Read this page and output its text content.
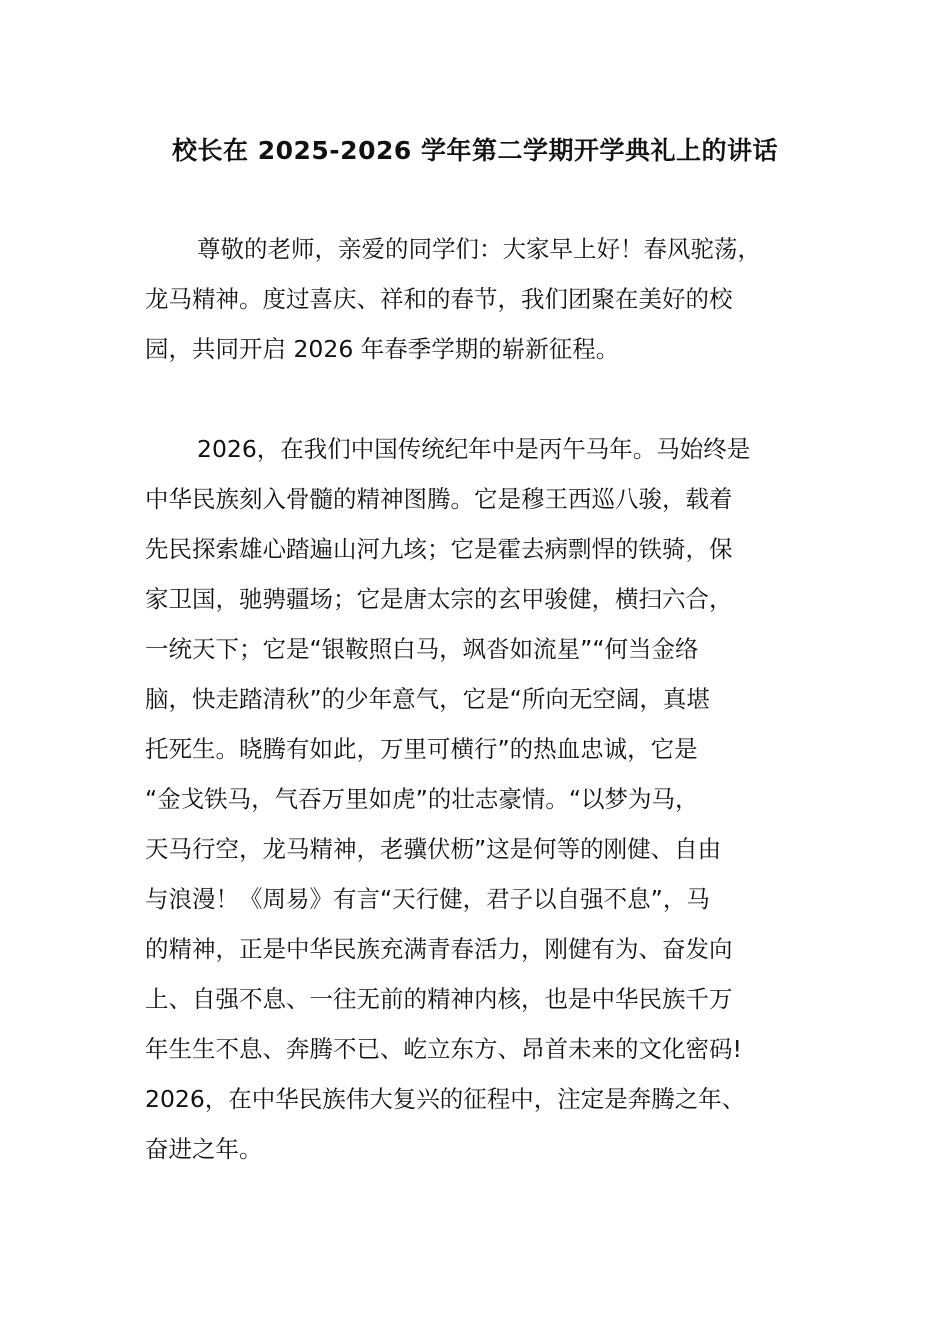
校长在 2025-2026 学年第二学期开学典礼上的讲话

尊敬的老师，亲爱的同学们：大家早上好！春风驼荡，
龙马精神。度过喜庆、祥和的春节，我们团聚在美好的校
园，共同开启 2026 年春季学期的崭新征程。

2026，在我们中国传统纪年中是丙午马年。马始终是
中华民族刻入骨髓的精神图腾。它是穆王西巡八骏，载着
先民探索雄心踏遍山河九垓；它是霍去病剽悍的铁骑，保
家卫国，驰骋疆场；它是唐太宗的玄甲骏健，横扫六合，
一统天下；它是“银鞍照白马，飒沓如流星”“何当金络
脑，快走踏清秋”的少年意气，它是“所向无空阔，真堪
托死生。晓腾有如此，万里可横行”的热血忠诚，它是
“金戈铁马，气吞万里如虎”的壮志豪情。“以梦为马，
天马行空，龙马精神，老骥伏枥”这是何等的刚健、自由
与浪漫！《周易》有言“天行健，君子以自强不息”，马
的精神，正是中华民族充满青春活力，刚健有为、奋发向
上、自强不息、一往无前的精神内核，也是中华民族千万
年生生不息、奔腾不已、屹立东方、昂首未来的文化密码!
2026，在中华民族伟大复兴的征程中，注定是奔腾之年、
奋进之年。
